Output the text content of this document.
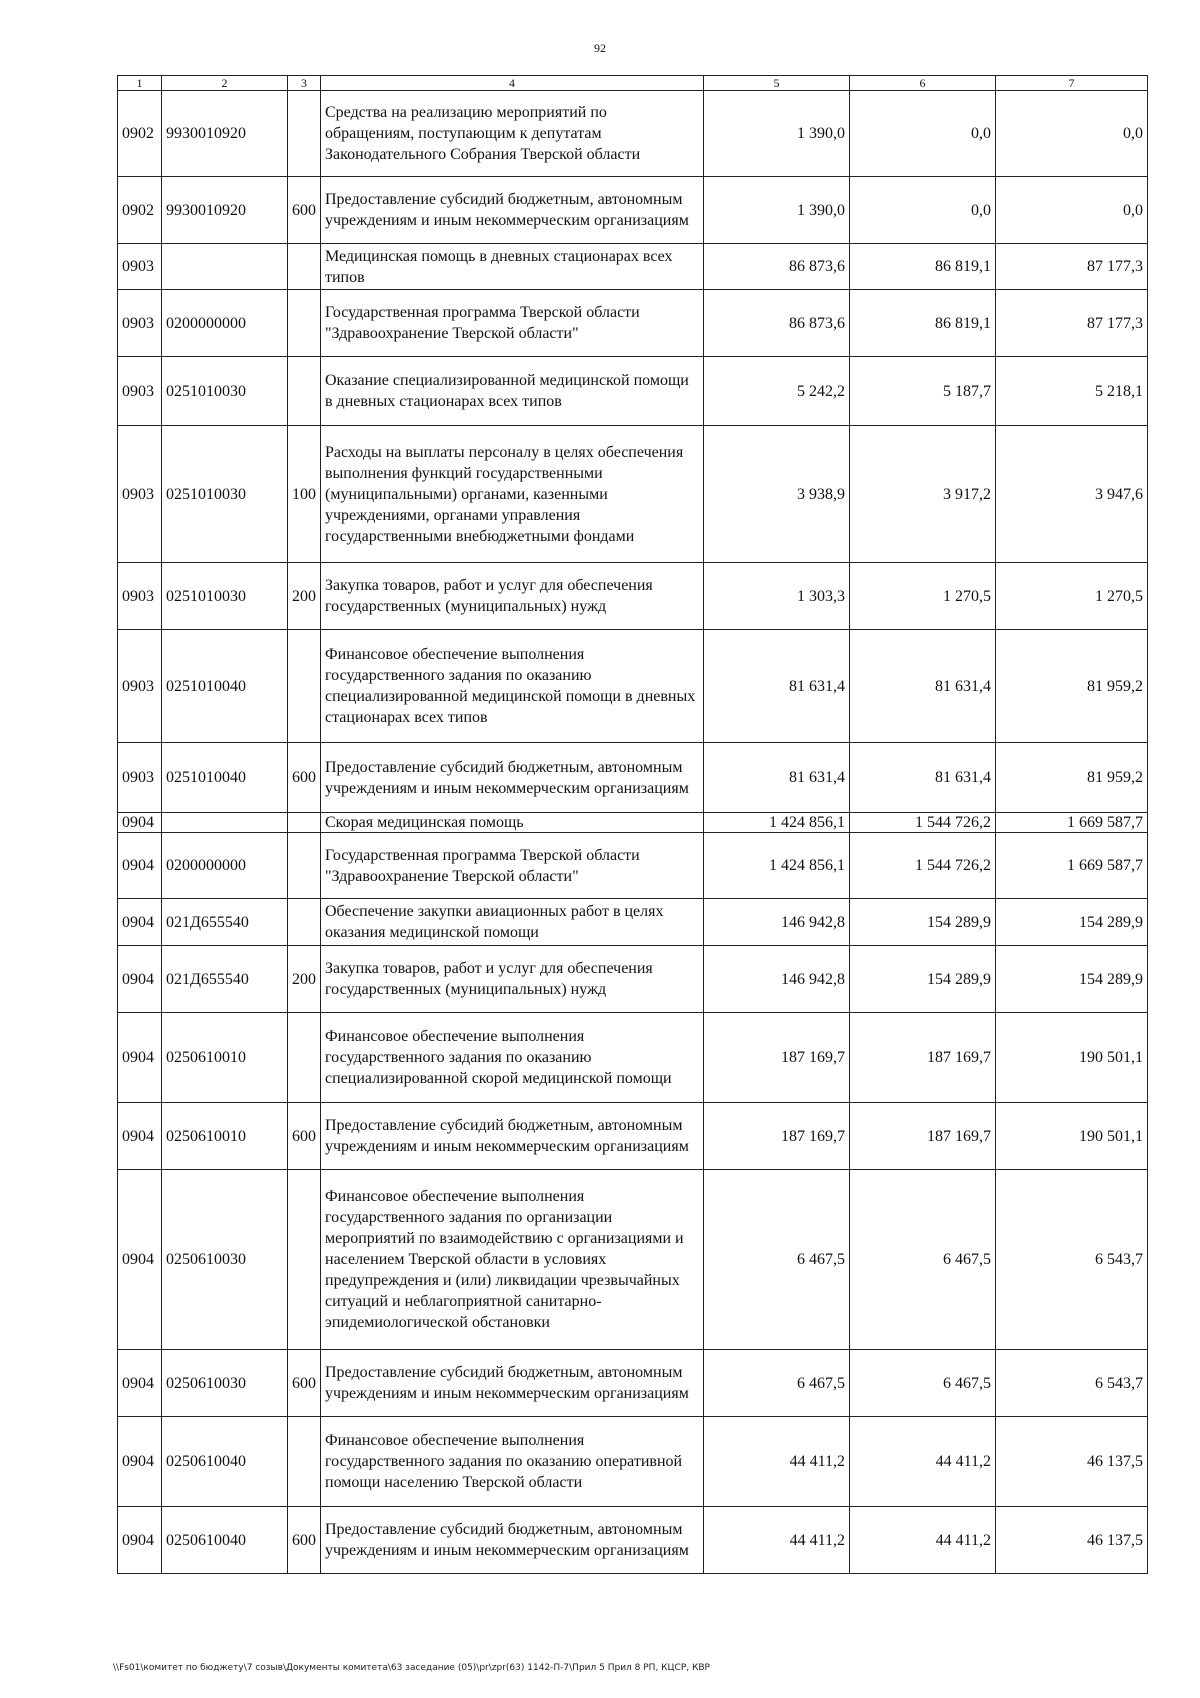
92
1	2	3	4	5	6	7
0902	9930010920		Средства на реализацию мероприятий по обращениям, поступающим к депутатам Законодательного Собрания Тверской области	1 390,0	0,0	0,0
0902	9930010920	600	Предоставление субсидий бюджетным, автономным учреждениям и иным некоммерческим организациям	1 390,0	0,0	0,0
0903			Медицинская помощь в дневных стационарах всех типов	86 873,6	86 819,1	87 177,3
0903	0200000000		Государственная программа Тверской области "Здравоохранение Тверской области"	86 873,6	86 819,1	87 177,3
0903	0251010030		Оказание специализированной медицинской помощи в дневных стационарах всех типов	5 242,2	5 187,7	5 218,1
0903	0251010030	100	Расходы на выплаты персоналу в целях обеспечения выполнения функций государственными (муниципальными) органами, казенными учреждениями, органами управления государственными внебюджетными фондами	3 938,9	3 917,2	3 947,6
0903	0251010030	200	Закупка товаров, работ и услуг для обеспечения государственных (муниципальных) нужд	1 303,3	1 270,5	1 270,5
0903	0251010040		Финансовое обеспечение выполнения государственного задания по оказанию специализированной медицинской помощи в дневных стационарах всех типов	81 631,4	81 631,4	81 959,2
0903	0251010040	600	Предоставление субсидий бюджетным, автономным учреждениям и иным некоммерческим организациям	81 631,4	81 631,4	81 959,2
0904			Скорая медицинская помощь	1 424 856,1	1 544 726,2	1 669 587,7
0904	0200000000		Государственная программа Тверской области "Здравоохранение Тверской области"	1 424 856,1	1 544 726,2	1 669 587,7
0904	021Д655540		Обеспечение закупки авиационных работ в целях оказания медицинской помощи	146 942,8	154 289,9	154 289,9
0904	021Д655540	200	Закупка товаров, работ и услуг для обеспечения государственных (муниципальных) нужд	146 942,8	154 289,9	154 289,9
0904	0250610010		Финансовое обеспечение выполнения государственного задания по оказанию специализированной скорой медицинской помощи	187 169,7	187 169,7	190 501,1
0904	0250610010	600	Предоставление субсидий бюджетным, автономным учреждениям и иным некоммерческим организациям	187 169,7	187 169,7	190 501,1
0904	0250610030		Финансовое обеспечение выполнения государственного задания по организации мероприятий по взаимодействию с организациями и населением Тверской области в условиях предупреждения и (или) ликвидации чрезвычайных ситуаций и неблагоприятной санитарно-эпидемиологической обстановки	6 467,5	6 467,5	6 543,7
0904	0250610030	600	Предоставление субсидий бюджетным, автономным учреждениям и иным некоммерческим организациям	6 467,5	6 467,5	6 543,7
0904	0250610040		Финансовое обеспечение выполнения государственного задания по оказанию оперативной помощи населению Тверской области	44 411,2	44 411,2	46 137,5
0904	0250610040	600	Предоставление субсидий бюджетным, автономным учреждениям и иным некоммерческим организациям	44 411,2	44 411,2	46 137,5
\\Fs01\комитет по бюджету\7 созыв\Документы комитета\63 заседание (05)\pr\zpr(63) 1142-П-7\Прил 5 Прил 8 РП, КЦСР, КВР
